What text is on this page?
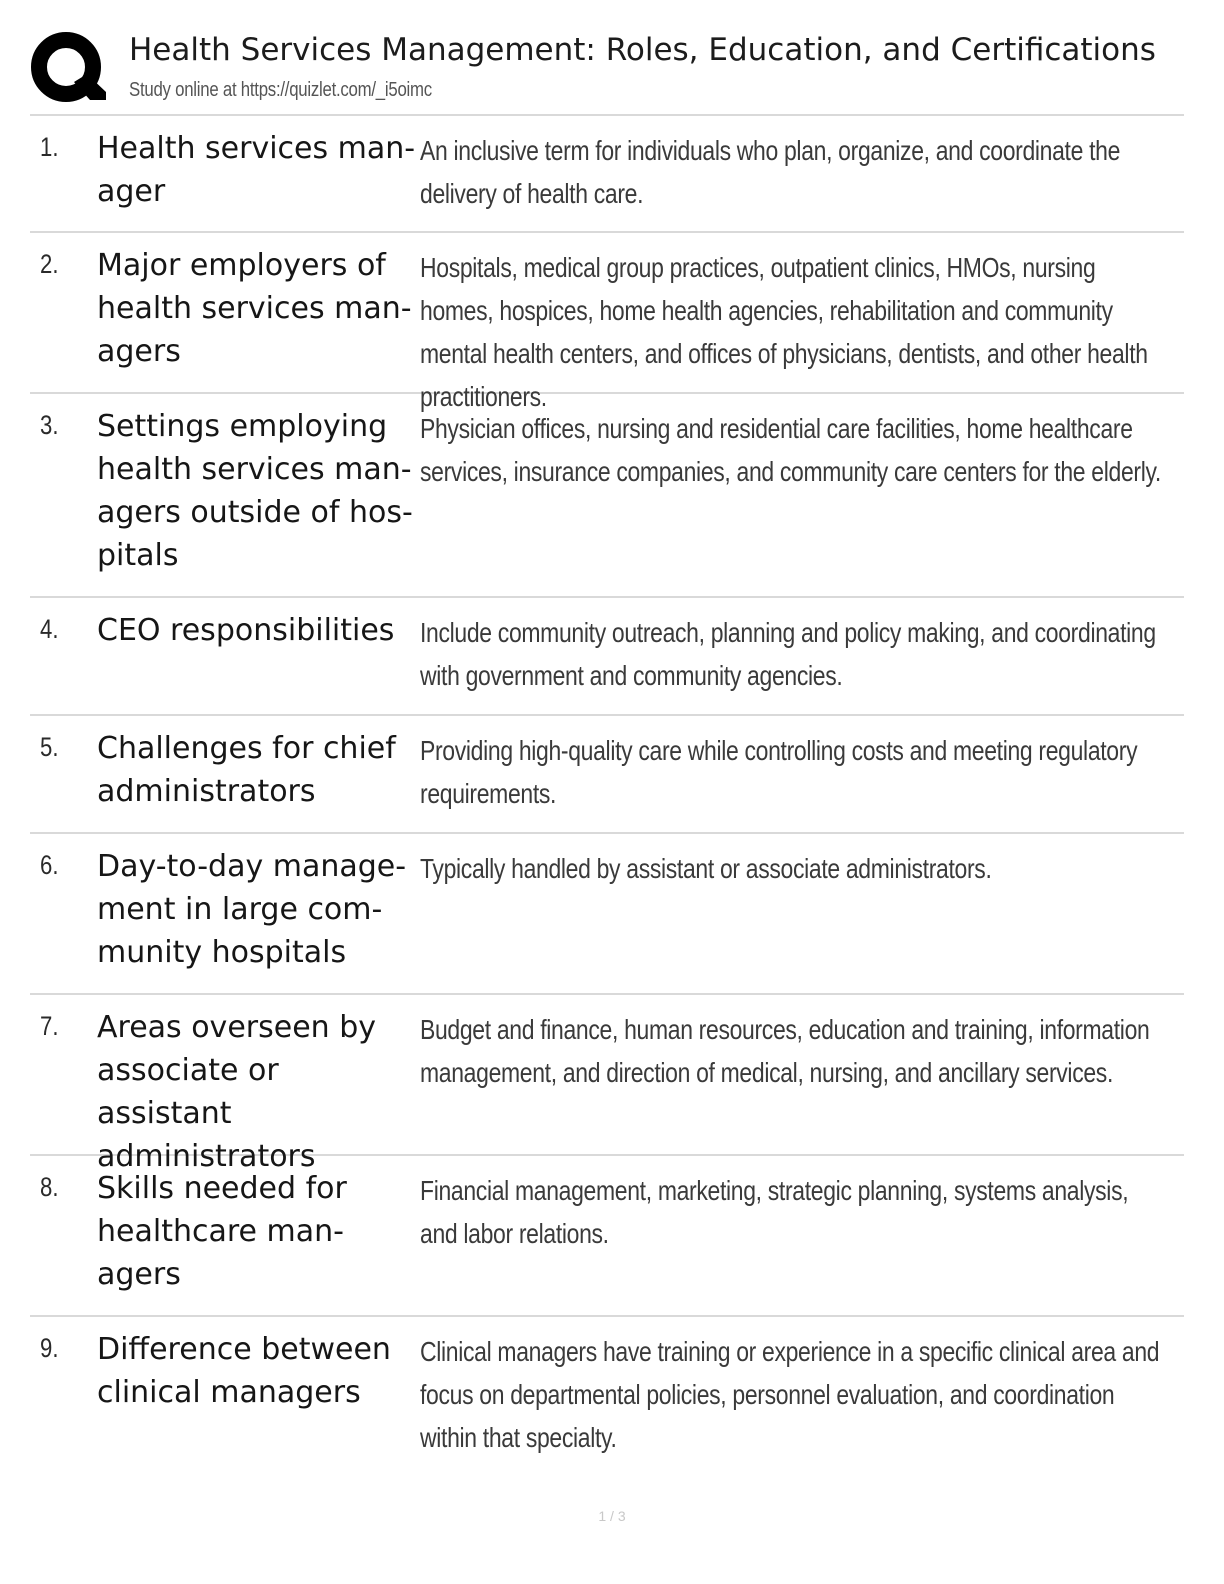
Health Services Management: Roles, Education, and Certifications
Study online at https://quizlet.com/_i5oimc
1. Health services man-
ager
An inclusive term for individuals who plan, organize, and coordinate the delivery of health care.
2. Major employers of
health services man-
agers
Hospitals, medical group practices, outpatient clinics, HMOs, nursing homes, hospices, home health agencies, rehabilitation and community mental health centers, and offices of physicians, dentists, and other health practitioners.
3. Settings employing
health services man-
agers outside of hos-
pitals
Physician offices, nursing and residential care facilities, home healthcare services, insurance companies, and community care centers for the elderly.
4. CEO responsibilities Include community outreach, planning and policy making, and coordinating with government and community agencies.
5. Challenges for chief
administrators
Providing high-quality care while controlling costs and meeting regulatory requirements.
6. Day-to-day manage-
ment in large com-
munity hospitals
Typically handled by assistant or associate administrators.
7. Areas overseen by
associate or assistant
administrators
Budget and finance, human resources, education and training, information management, and direction of medical, nursing, and ancillary services.
8. Skills needed for
healthcare man-
agers
Financial management, marketing, strategic planning, systems analysis, and labor relations.
9. Difference between
clinical managers
Clinical managers have training or experience in a specific clinical area and focus on departmental policies, personnel evaluation, and coordination within that specialty.
1 / 3
